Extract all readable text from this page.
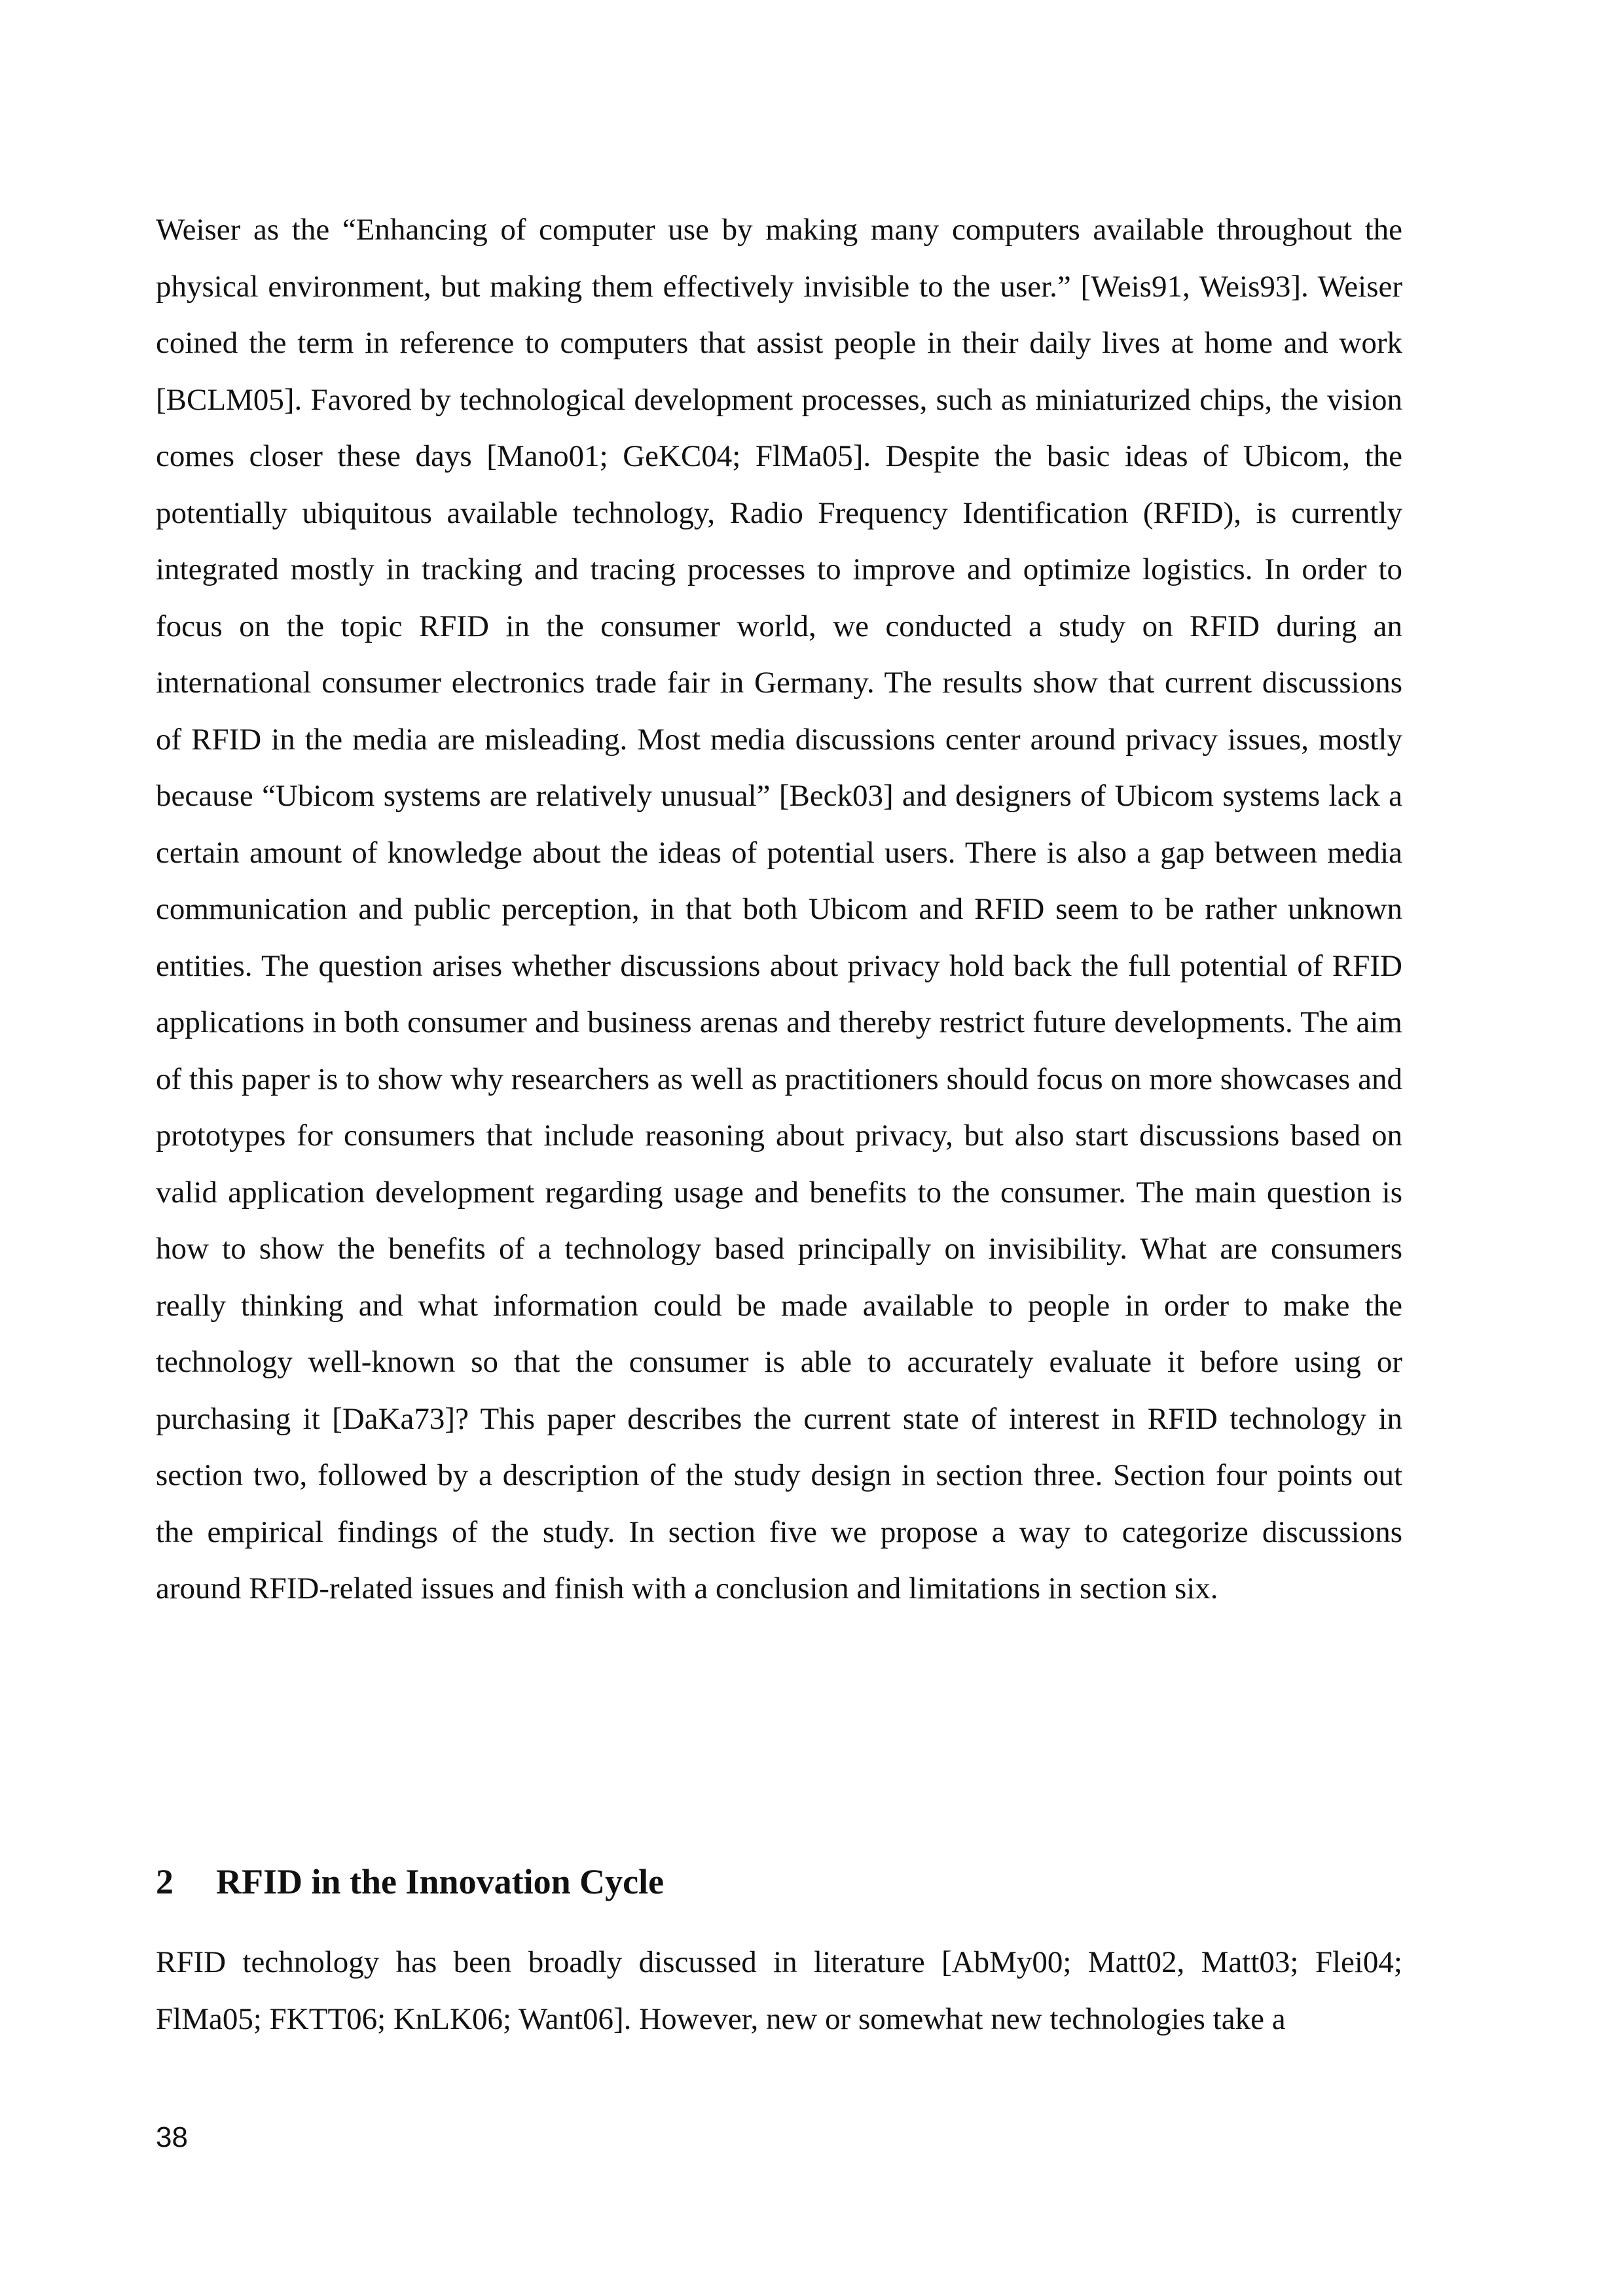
Weiser as the “Enhancing of computer use by making many computers available throughout the physical environment, but making them effectively invisible to the user.” [Weis91, Weis93]. Weiser coined the term in reference to computers that assist people in their daily lives at home and work [BCLM05]. Favored by technological development processes, such as miniaturized chips, the vision comes closer these days [Mano01; GeKC04; FlMa05]. Despite the basic ideas of Ubicom, the potentially ubiquitous available technology, Radio Frequency Identification (RFID), is currently integrated mostly in tracking and tracing processes to improve and optimize logistics. In order to focus on the topic RFID in the consumer world, we conducted a study on RFID during an international consumer electronics trade fair in Germany. The results show that current discussions of RFID in the media are misleading. Most media discussions center around privacy issues, mostly because “Ubicom systems are relatively unusual” [Beck03] and designers of Ubicom systems lack a certain amount of knowledge about the ideas of potential users. There is also a gap between media communication and public perception, in that both Ubicom and RFID seem to be rather unknown entities. The question arises whether discussions about privacy hold back the full potential of RFID applications in both consumer and business arenas and thereby restrict future developments. The aim of this paper is to show why researchers as well as practitioners should focus on more showcases and prototypes for consumers that include reasoning about privacy, but also start discussions based on valid application development regarding usage and benefits to the consumer. The main question is how to show the benefits of a technology based principally on invisibility. What are consumers really thinking and what information could be made available to people in order to make the technology well-known so that the consumer is able to accurately evaluate it before using or purchasing it [DaKa73]? This paper describes the current state of interest in RFID technology in section two, followed by a description of the study design in section three. Section four points out the empirical findings of the study. In section five we propose a way to categorize discussions around RFID-related issues and finish with a conclusion and limitations in section six.

2 RFID in the Innovation Cycle

RFID technology has been broadly discussed in literature [AbMy00; Matt02, Matt03; Flei04; FlMa05; FKTT06; KnLK06; Want06]. However, new or somewhat new technologies take a

38
